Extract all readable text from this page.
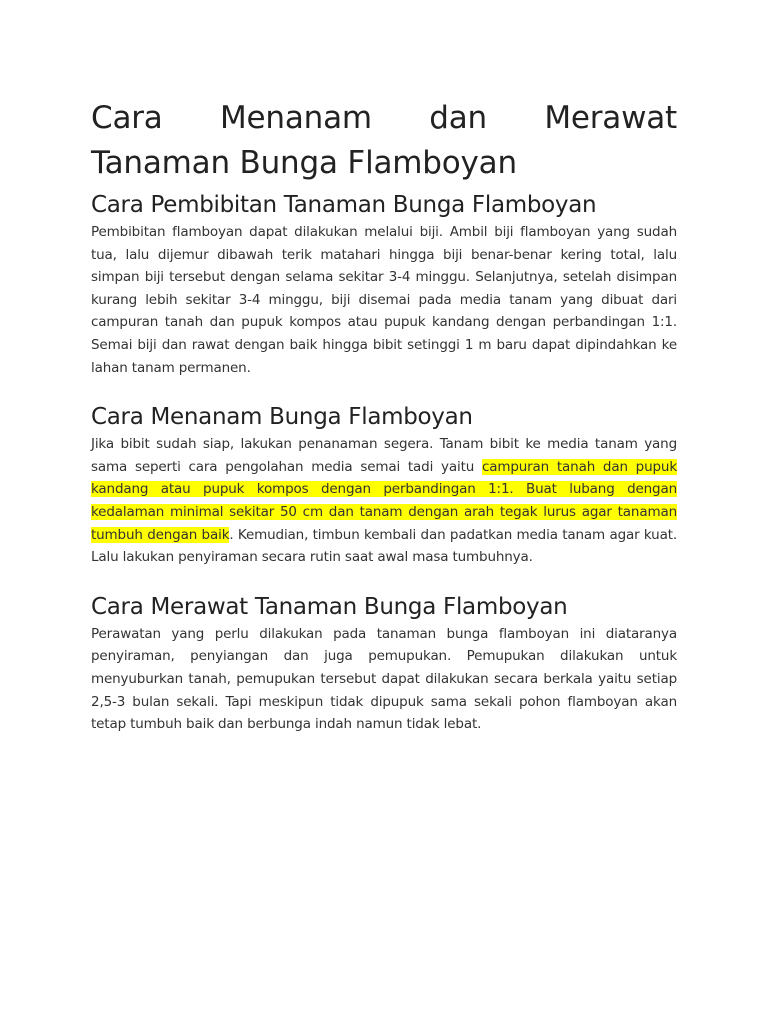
Cara Menanam dan Merawat Tanaman Bunga Flamboyan
Cara Pembibitan Tanaman Bunga Flamboyan

Pembibitan flamboyan dapat dilakukan melalui biji. Ambil biji flamboyan yang sudah tua, lalu dijemur dibawah terik matahari hingga biji benar-benar kering total, lalu simpan biji tersebut dengan selama sekitar 3-4 minggu. Selanjutnya, setelah disimpan kurang lebih sekitar 3-4 minggu, biji disemai pada media tanam yang dibuat dari campuran tanah dan pupuk kompos atau pupuk kandang dengan perbandingan 1:1. Semai biji dan rawat dengan baik hingga bibit setinggi 1 m baru dapat dipindahkan ke lahan tanam permanen.

Cara Menanam Bunga Flamboyan

Jika bibit sudah siap, lakukan penanaman segera. Tanam bibit ke media tanam yang sama seperti cara pengolahan media semai tadi yaitu campuran tanah dan pupuk kandang atau pupuk kompos dengan perbandingan 1:1. Buat lubang dengan kedalaman minimal sekitar 50 cm dan tanam dengan arah tegak lurus agar tanaman tumbuh dengan baik. Kemudian, timbun kembali dan padatkan media tanam agar kuat. Lalu lakukan penyiraman secara rutin saat awal masa tumbuhnya.

Cara Merawat Tanaman Bunga Flamboyan

Perawatan yang perlu dilakukan pada tanaman bunga flamboyan ini diataranya penyiraman, penyiangan dan juga pemupukan. Pemupukan dilakukan untuk menyuburkan tanah, pemupukan tersebut dapat dilakukan secara berkala yaitu setiap 2,5-3 bulan sekali. Tapi meskipun tidak dipupuk sama sekali pohon flamboyan akan tetap tumbuh baik dan berbunga indah namun tidak lebat.
